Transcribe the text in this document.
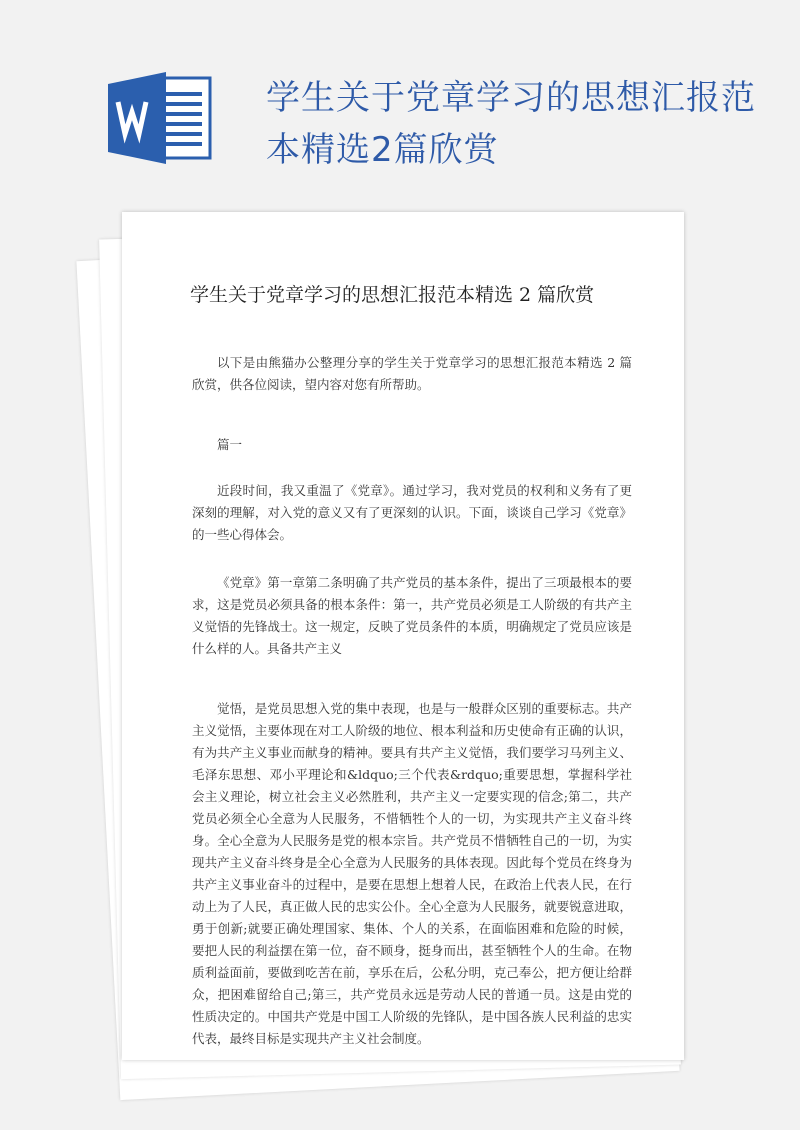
学生关于党章学习的思想汇报范本精选2篇欣赏
学生关于党章学习的思想汇报范本精选 2 篇欣赏

以下是由熊猫办公整理分享的学生关于党章学习的思想汇报范本精选 2 篇欣赏，供各位阅读，望内容对您有所帮助。

篇一

近段时间，我又重温了《党章》。通过学习，我对党员的权利和义务有了更深刻的理解，对入党的意义又有了更深刻的认识。下面，谈谈自己学习《党章》的一些心得体会。

《党章》第一章第二条明确了共产党员的基本条件，提出了三项最根本的要求，这是党员必须具备的根本条件：第一，共产党员必须是工人阶级的有共产主义觉悟的先锋战士。这一规定，反映了党员条件的本质，明确规定了党员应该是什么样的人。具备共产主义

觉悟，是党员思想入党的集中表现，也是与一般群众区别的重要标志。共产主义觉悟，主要体现在对工人阶级的地位、根本利益和历史使命有正确的认识，有为共产主义事业而献身的精神。要具有共产主义觉悟，我们要学习马列主义、毛泽东思想、邓小平理论和&ldquo;三个代表&rdquo;重要思想，掌握科学社会主义理论，树立社会主义必然胜利，共产主义一定要实现的信念;第二，共产党员必须全心全意为人民服务，不惜牺牲个人的一切，为实现共产主义奋斗终身。全心全意为人民服务是党的根本宗旨。共产党员不惜牺牲自己的一切，为实现共产主义奋斗终身是全心全意为人民服务的具体表现。因此每个党员在终身为共产主义事业奋斗的过程中，是要在思想上想着人民，在政治上代表人民，在行动上为了人民，真正做人民的忠实公仆。全心全意为人民服务，就要锐意进取，勇于创新;就要正确处理国家、集体、个人的关系，在面临困难和危险的时候，要把人民的利益摆在第一位，奋不顾身，挺身而出，甚至牺牲个人的生命。在物质利益面前，要做到吃苦在前，享乐在后，公私分明，克己奉公，把方便让给群众，把困难留给自己;第三，共产党员永远是劳动人民的普通一员。这是由党的性质决定的。中国共产党是中国工人阶级的先锋队，是中国各族人民利益的忠实代表，最终目标是实现共产主义社会制度。
